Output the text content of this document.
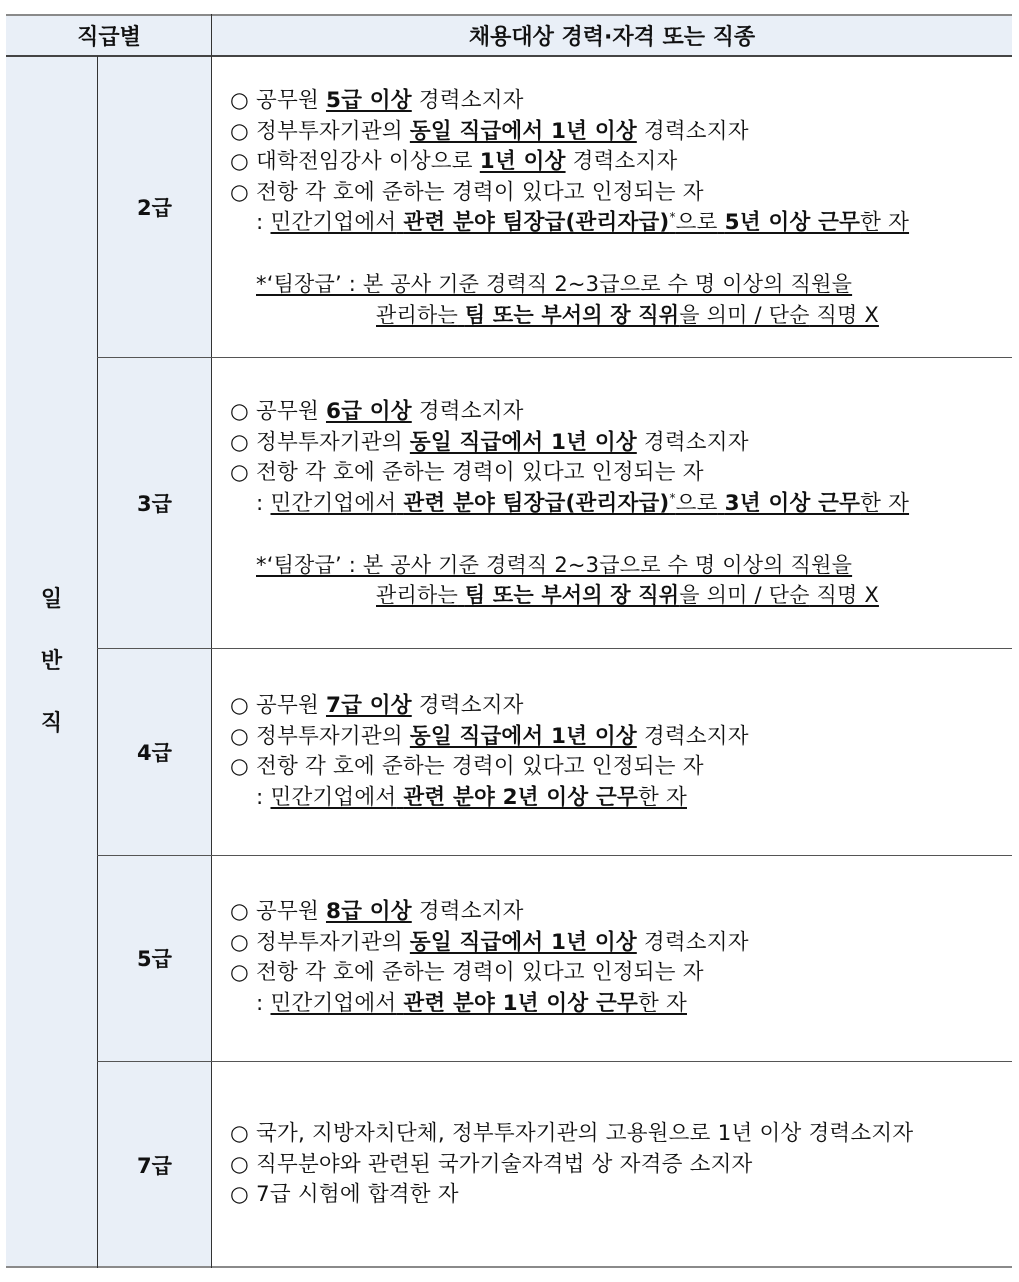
직급별	채용대상 경력·자격 또는 직종
일
반
직
2급
3급
4급
5급
7급
○ 공무원 5급 이상 경력소지자
○ 정부투자기관의 동일 직급에서 1년 이상 경력소지자
○ 대학전임강사 이상으로 1년 이상 경력소지자
○ 전항 각 호에 준하는 경력이 있다고 인정되는 자
: 민간기업에서 관련 분야 팀장급(관리자급)*으로 5년 이상 근무한 자
*‘팀장급’ : 본 공사 기준 경력직 2~3급으로 수 명 이상의 직원을
관리하는 팀 또는 부서의 장 직위을 의미 / 단순 직명 X
○ 공무원 6급 이상 경력소지자
○ 정부투자기관의 동일 직급에서 1년 이상 경력소지자
○ 전항 각 호에 준하는 경력이 있다고 인정되는 자
: 민간기업에서 관련 분야 팀장급(관리자급)*으로 3년 이상 근무한 자
*‘팀장급’ : 본 공사 기준 경력직 2~3급으로 수 명 이상의 직원을
관리하는 팀 또는 부서의 장 직위을 의미 / 단순 직명 X
○ 공무원 7급 이상 경력소지자
○ 정부투자기관의 동일 직급에서 1년 이상 경력소지자
○ 전항 각 호에 준하는 경력이 있다고 인정되는 자
: 민간기업에서 관련 분야 2년 이상 근무한 자
○ 공무원 8급 이상 경력소지자
○ 정부투자기관의 동일 직급에서 1년 이상 경력소지자
○ 전항 각 호에 준하는 경력이 있다고 인정되는 자
: 민간기업에서 관련 분야 1년 이상 근무한 자
○ 국가, 지방자치단체, 정부투자기관의 고용원으로 1년 이상 경력소지자
○ 직무분야와 관련된 국가기술자격법 상 자격증 소지자
○ 7급 시험에 합격한 자
